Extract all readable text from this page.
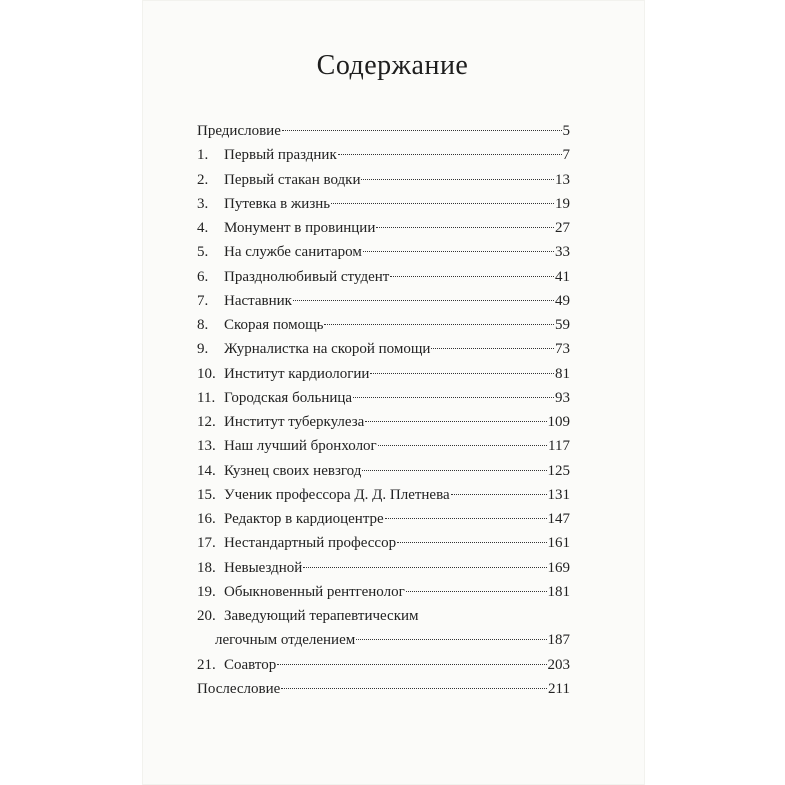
Содержание
Предисловие	5
1.	Первый праздник	7
2.	Первый стакан водки	13
3.	Путевка в жизнь	19
4.	Монумент в провинции	27
5.	На службе санитаром	33
6.	Празднолюбивый студент	41
7.	Наставник	49
8.	Скорая помощь	59
9.	Журналистка на скорой помощи	73
10. Институт кардиологии	81
11. Городская больница	93
12. Институт туберкулеза	109
13. Наш лучший бронхолог	117
14. Кузнец своих невзгод	125
15. Ученик профессора Д. Д. Плетнева	131
16. Редактор в кардиоцентре	147
17. Нестандартный профессор	161
18. Невыездной	169
19. Обыкновенный рентгенолог	181
20. Заведующий терапевтическим
легочным отделением	187
21. Соавтор	203
Послесловие	211
